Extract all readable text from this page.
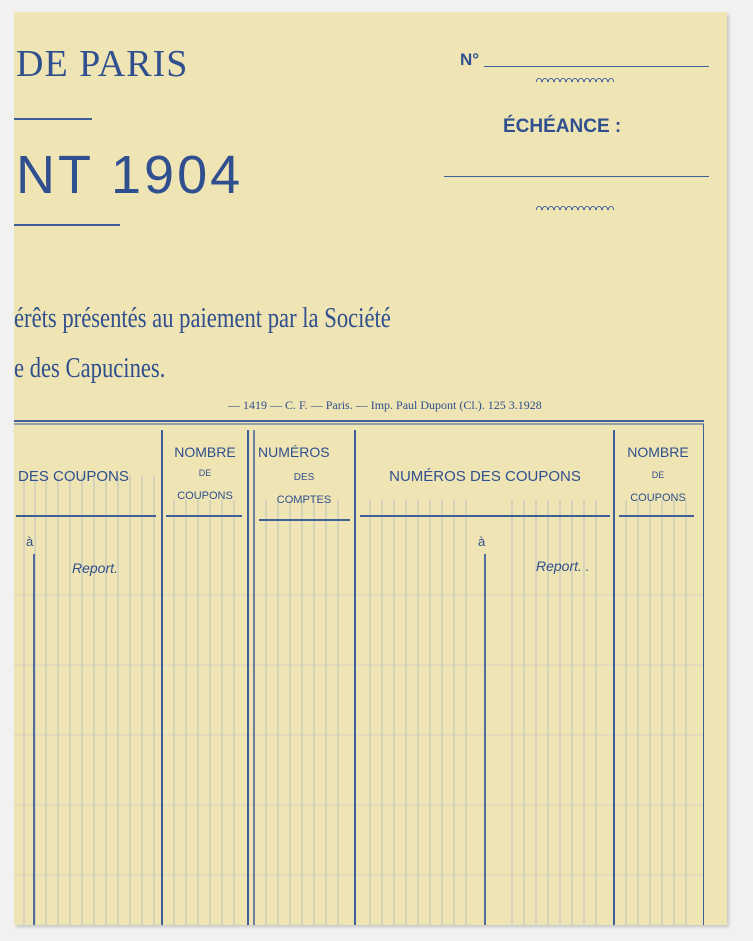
DE PARIS
NT 1904
N°
ÉCHÉANCE :
érêts présentés au paiement par la Société
e des Capucines.
— 1419 — C. F. — Paris. — Imp. Paul Dupont (Cl.). 125 3.1928
DES COUPONS
NOMBRE
DE
COUPONS
NUMÉROS
DES
COMPTES
NUMÉROS DES COUPONS
NOMBRE
DE
COUPONS
à	à
Report.	Report. .
